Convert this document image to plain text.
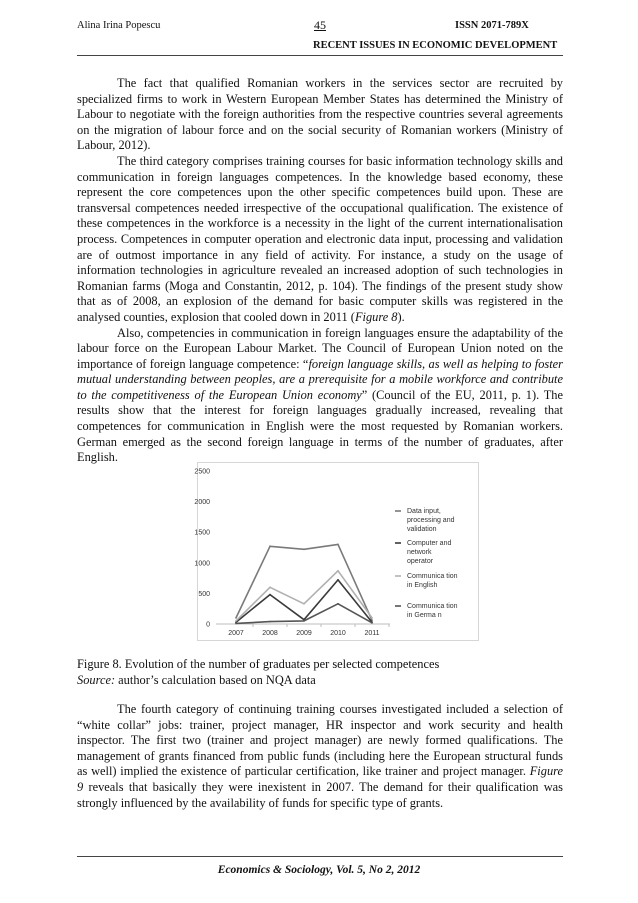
Alina Irina Popescu	45	ISSN 2071-789X
RECENT ISSUES IN ECONOMIC DEVELOPMENT

The fact that qualified Romanian workers in the services sector are recruited by specialized firms to work in Western European Member States has determined the Ministry of Labour to negotiate with the foreign authorities from the respective countries several agreements on the migration of labour force and on the social security of Romanian workers (Ministry of Labour, 2012).

The third category comprises training courses for basic information technology skills and communication in foreign languages competences. In the knowledge based economy, these represent the core competences upon the other specific competences build upon. These are transversal competences needed irrespective of the occupational qualification. The existence of these competences in the workforce is a necessity in the light of the current internationalisation process. Competences in computer operation and electronic data input, processing and validation are of outmost importance in any field of activity. For instance, a study on the usage of information technologies in agriculture revealed an increased adoption of such technologies in Romanian farms (Moga and Constantin, 2012, p. 104). The findings of the present study show that as of 2008, an explosion of the demand for basic computer skills was registered in the analysed counties, explosion that cooled down in 2011 (Figure 8).

Also, competencies in communication in foreign languages ensure the adaptability of the labour force on the European Labour Market. The Council of European Union noted on the importance of foreign language competence: “foreign language skills, as well as helping to foster mutual understanding between peoples, are a prerequisite for a mobile workforce and contribute to the competitiveness of the European Union economy” (Council of the EU, 2011, p. 1). The results show that the interest for foreign languages gradually increased, revealing that competences for communication in English were the most requested by Romanian workers. German emerged as the second foreign language in terms of the number of graduates, after English.

0
500
1000
1500
2000
2500
2007	2008	2009	2010	2011
Data input,
processing and
validation
Computer and
network
operator
Communica tion
in English
Communica tion
in Germa n
Figure 8. Evolution of the number of graduates per selected competences
Source: author’s calculation based on NQA data

The fourth category of continuing training courses investigated included a selection of “white collar” jobs: trainer, project manager, HR inspector and work security and health inspector. The first two (trainer and project manager) are newly formed qualifications. The management of grants financed from public funds (including here the European structural funds as well) implied the existence of particular certification, like trainer and project manager. Figure 9 reveals that basically they were inexistent in 2007. The demand for their qualification was strongly influenced by the availability of funds for specific type of grants.

Economics & Sociology, Vol. 5, No 2, 2012
